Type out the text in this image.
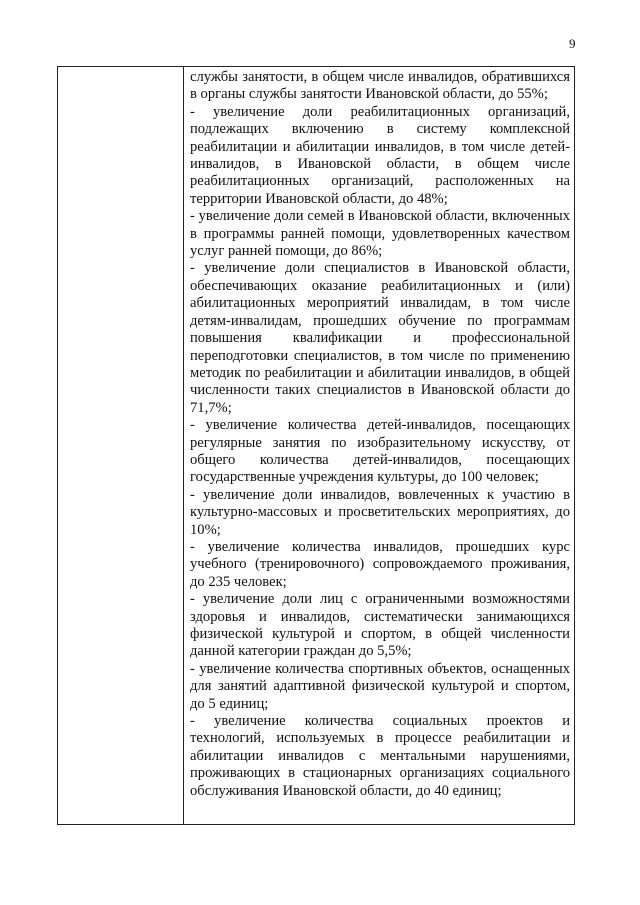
9

службы занятости, в общем числе инвалидов, обратившихся в органы службы занятости Ивановской области, до 55%;

- увеличение доли реабилитационных организаций, подлежащих включению в систему комплексной реабилитации и абилитации инвалидов, в том числе детей-инвалидов, в Ивановской области, в общем числе реабилитационных организаций, расположенных на территории Ивановской области, до 48%;

- увеличение доли семей в Ивановской области, включенных в программы ранней помощи, удовлетворенных качеством услуг ранней помощи, до 86%;

- увеличение доли специалистов в Ивановской области, обеспечивающих оказание реабилитационных и (или) абилитационных мероприятий инвалидам, в том числе детям-инвалидам, прошедших обучение по программам повышения квалификации и профессиональной переподготовки специалистов, в том числе по применению методик по реабилитации и абилитации инвалидов, в общей численности таких специалистов в Ивановской области до 71,7%;

- увеличение количества детей-инвалидов, посещающих регулярные занятия по изобразительному искусству, от общего количества детей-инвалидов, посещающих государственные учреждения культуры, до 100 человек;

- увеличение доли инвалидов, вовлеченных к участию в культурно-массовых и просветительских мероприятиях, до 10%;

- увеличение количества инвалидов, прошедших курс учебного (тренировочного) сопровождаемого проживания, до 235 человек;

- увеличение доли лиц с ограниченными возможностями здоровья и инвалидов, систематически занимающихся физической культурой и спортом, в общей численности данной категории граждан до 5,5%;

- увеличение количества спортивных объектов, оснащенных для занятий адаптивной физической культурой и спортом, до 5 единиц;

- увеличение количества социальных проектов и технологий, используемых в процессе реабилитации и абилитации инвалидов с ментальными нарушениями, проживающих в стационарных организациях социального обслуживания Ивановской области, до 40 единиц;
